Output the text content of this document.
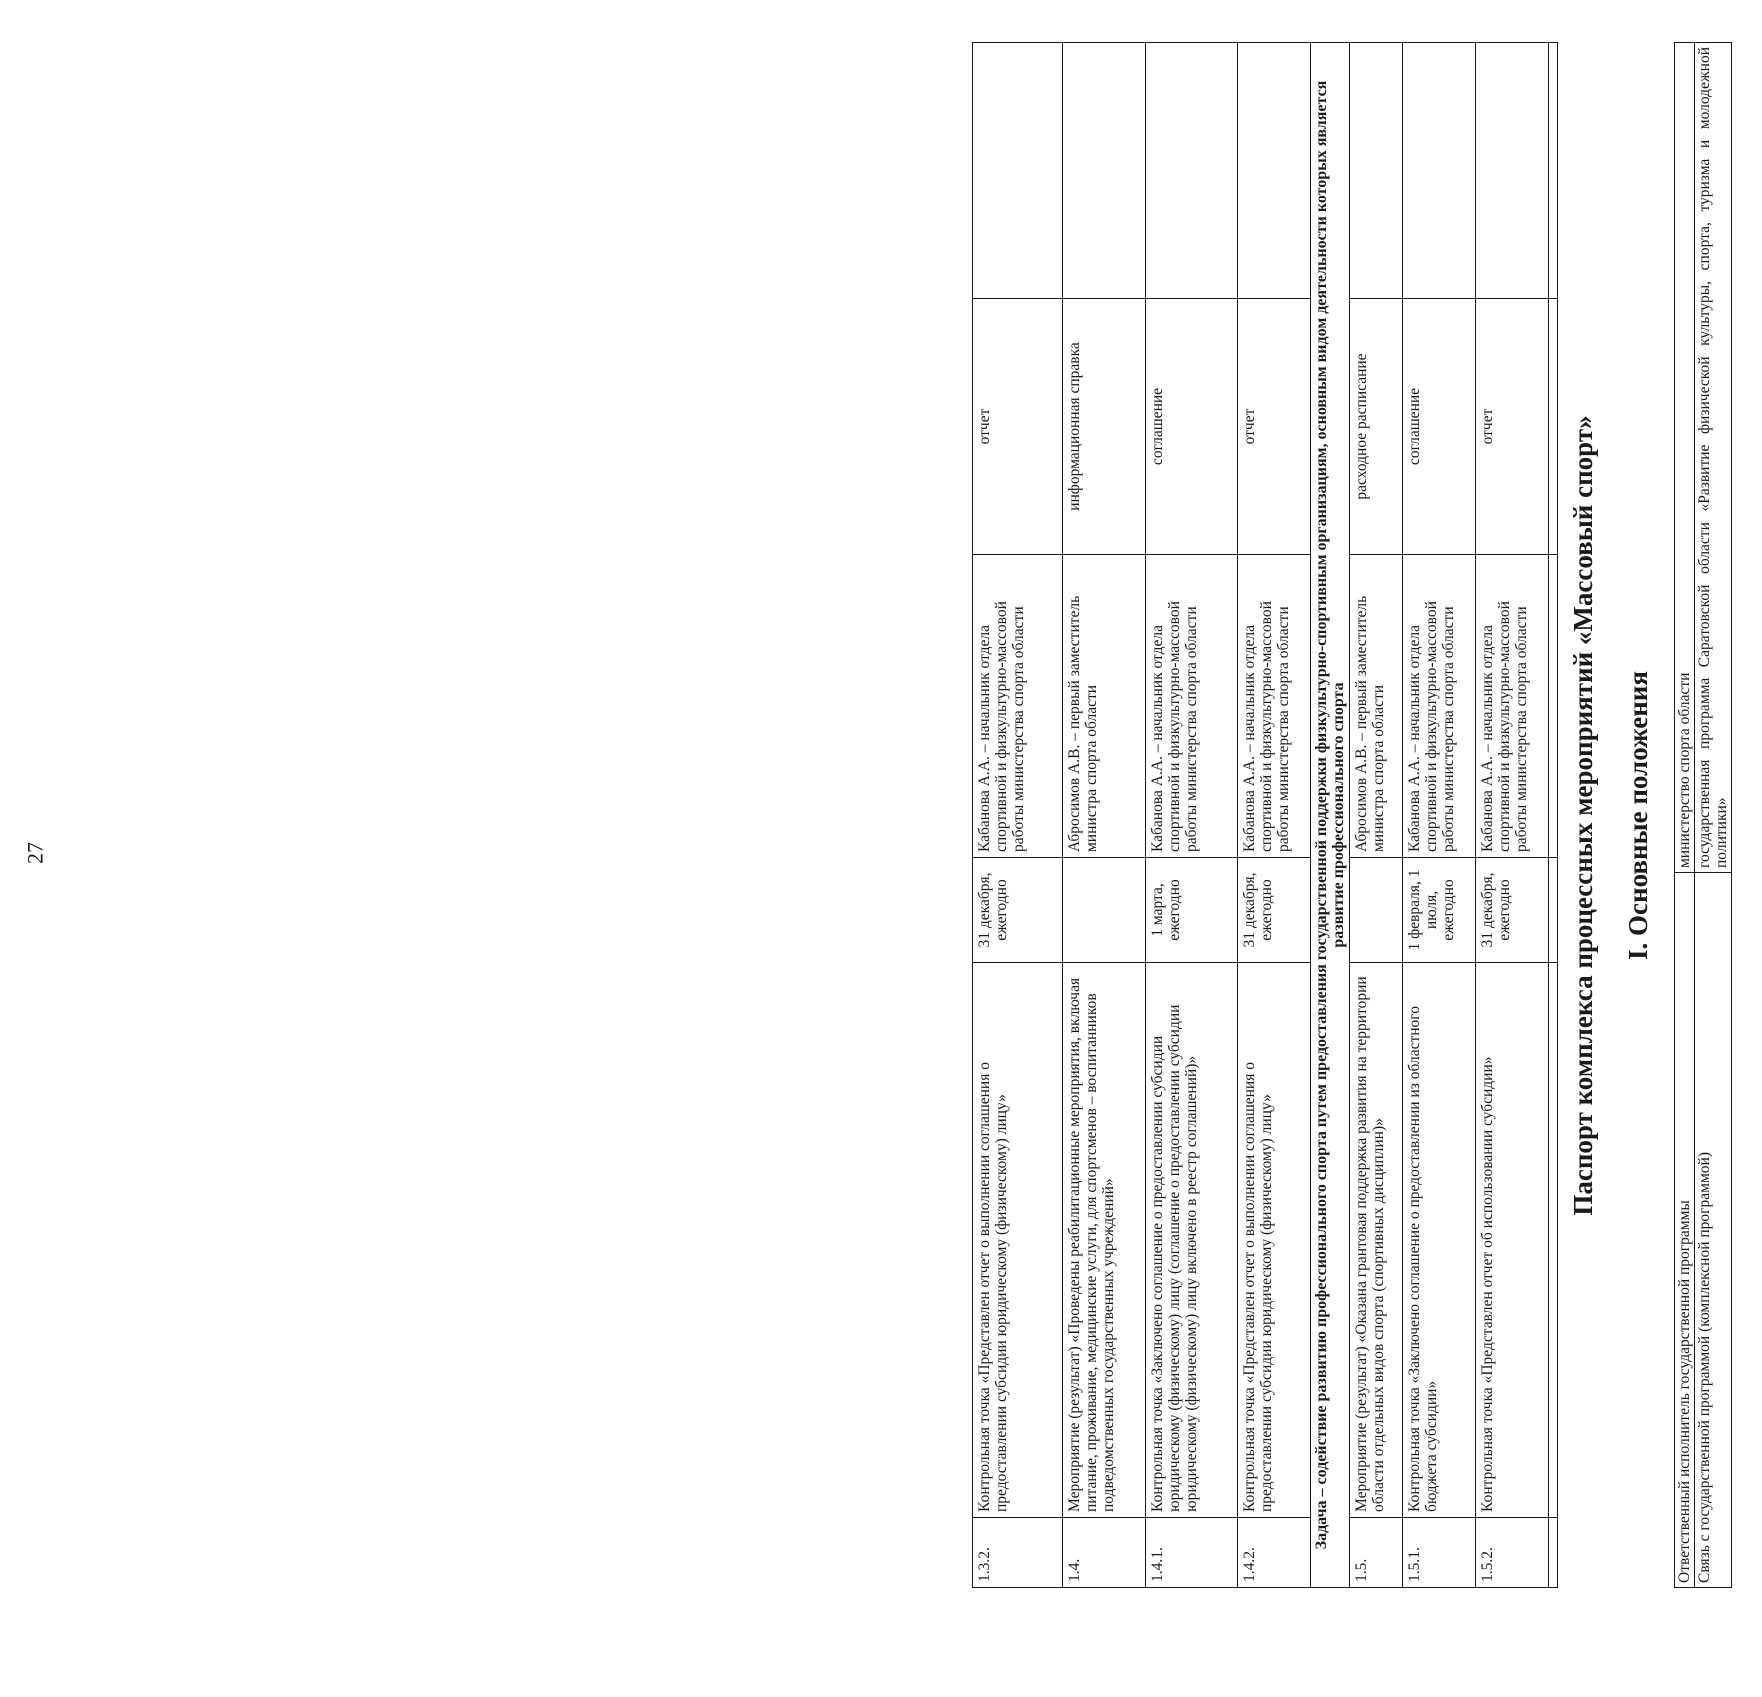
27
1.3.2.	Контрольная точка «Представлен отчет о выполнении соглашения о предоставлении субсидии юридическому (физическому) лицу»	31 декабря, ежегодно	Кабанова А.А. – начальник отдела спортивной и физкультурно-массовой работы министерства спорта области	отчет	
1.4.	Мероприятие (результат) «Проведены реабилитационные мероприятия, включая питание, проживание, медицинские услуги, для спортсменов – воспитанников подведомственных государственных учреждений»		Абросимов А.В. – первый заместитель министра спорта области	информационная справка	
1.4.1.	Контрольная точка «Заключено соглашение о предоставлении субсидии юридическому (физическому) лицу (соглашение о предоставлении субсидии юридическому (физическому) лицу включено в реестр соглашений)»	1 марта, ежегодно	Кабанова А.А. – начальник отдела спортивной и физкультурно-массовой работы министерства спорта области	соглашение	
1.4.2.	Контрольная точка «Представлен отчет о выполнении соглашения о предоставлении субсидии юридическому (физическому) лицу»	31 декабря, ежегодно	Кабанова А.А. – начальник отдела спортивной и физкультурно-массовой работы министерства спорта области	отчет	
Задача – содействие развитию профессионального спорта путем предоставления государственной поддержки физкультурно-спортивным организациям, основным видом деятельности которых является развитие профессионального спорта					
1.5.	Мероприятие (результат) «Оказана грантовая поддержка развития на территории области отдельных видов спорта (спортивных дисциплин)»		Абросимов А.В. – первый заместитель министра спорта области	расходное расписание	
1.5.1.	Контрольная точка «Заключено соглашение о предоставлении из областного бюджета субсидии»	1 февраля, 1 июля, ежегодно	Кабанова А.А. – начальник отдела спортивной и физкультурно-массовой работы министерства спорта области	соглашение	
1.5.2.	Контрольная точка «Представлен отчет об использовании субсидии»	31 декабря, ежегодно	Кабанова А.А. – начальник отдела спортивной и физкультурно-массовой работы министерства спорта области	отчет	
						Паспорт комплекса процессных мероприятий «Массовый спорт» I. Основные положения
Ответственный исполнитель государственной программы	министерство спорта области
Связь с государственной программой (комплексной программой)	государственная программа Саратовской области «Развитие физической культуры, спорта, туризма и молодежной политики»
